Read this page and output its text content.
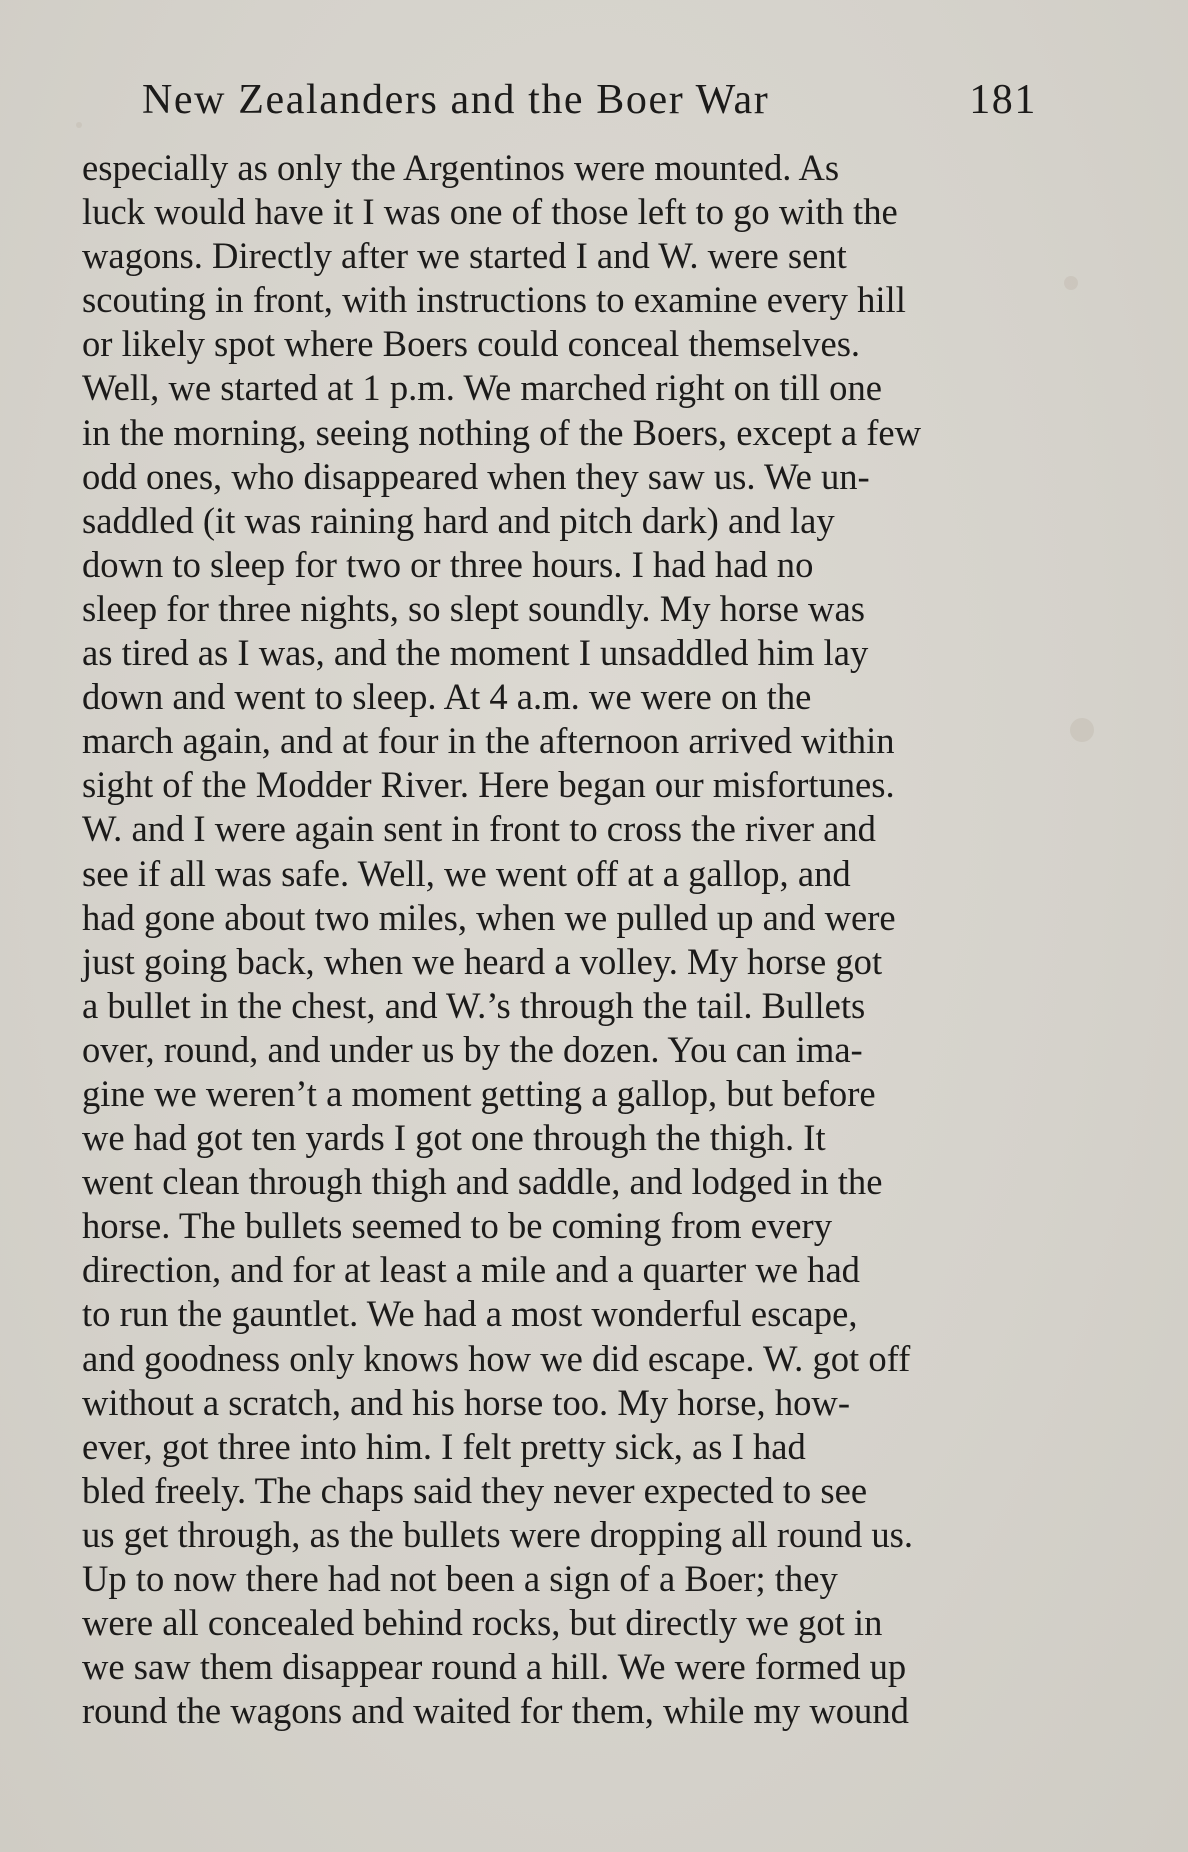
New Zealanders and the Boer War	181
especially as only the Argentinos were mounted. As
luck would have it I was one of those left to go with the
wagons. Directly after we started I and W. were sent
scouting in front, with instructions to examine every hill
or likely spot where Boers could conceal themselves.
Well, we started at 1 p.m. We marched right on till one
in the morning, seeing nothing of the Boers, except a few
odd ones, who disappeared when they saw us. We un-
saddled (it was raining hard and pitch dark) and lay
down to sleep for two or three hours. I had had no
sleep for three nights, so slept soundly. My horse was
as tired as I was, and the moment I unsaddled him lay
down and went to sleep. At 4 a.m. we were on the
march again, and at four in the afternoon arrived within
sight of the Modder River. Here began our misfortunes.
W. and I were again sent in front to cross the river and
see if all was safe. Well, we went off at a gallop, and
had gone about two miles, when we pulled up and were
just going back, when we heard a volley. My horse got
a bullet in the chest, and W.’s through the tail. Bullets
over, round, and under us by the dozen. You can ima-
gine we weren’t a moment getting a gallop, but before
we had got ten yards I got one through the thigh. It
went clean through thigh and saddle, and lodged in the
horse. The bullets seemed to be coming from every
direction, and for at least a mile and a quarter we had
to run the gauntlet. We had a most wonderful escape,
and goodness only knows how we did escape. W. got off
without a scratch, and his horse too. My horse, how-
ever, got three into him. I felt pretty sick, as I had
bled freely. The chaps said they never expected to see
us get through, as the bullets were dropping all round us.
Up to now there had not been a sign of a Boer; they
were all concealed behind rocks, but directly we got in
we saw them disappear round a hill. We were formed up
round the wagons and waited for them, while my wound
